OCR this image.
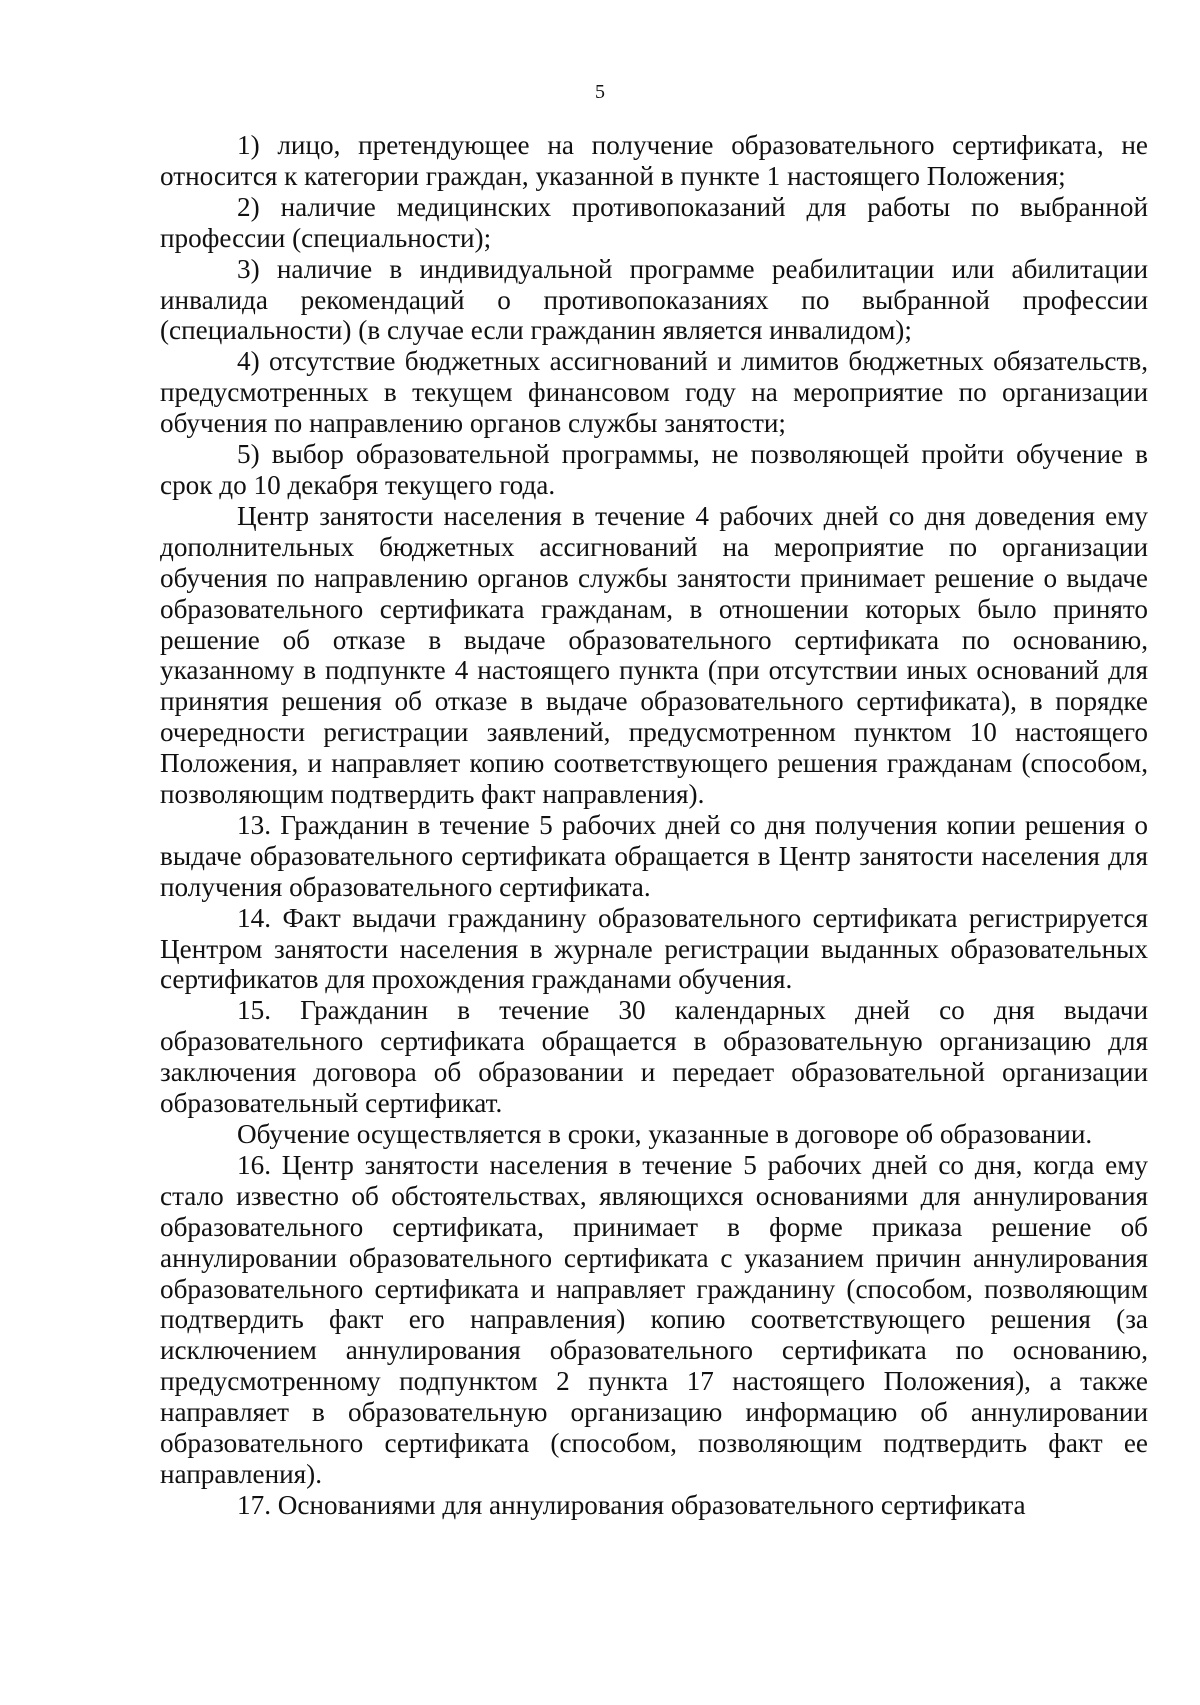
5

1) лицо, претендующее на получение образовательного сертификата, не относится к категории граждан, указанной в пункте 1 настоящего Положения;

2) наличие медицинских противопоказаний для работы по выбранной профессии (специальности);

3) наличие в индивидуальной программе реабилитации или абилитации инвалида рекомендаций о противопоказаниях по выбранной профессии (специальности) (в случае если гражданин является инвалидом);

4) отсутствие бюджетных ассигнований и лимитов бюджетных обязательств, предусмотренных в текущем финансовом году на мероприятие по организации обучения по направлению органов службы занятости;

5) выбор образовательной программы, не позволяющей пройти обучение в срок до 10 декабря текущего года.

Центр занятости населения в течение 4 рабочих дней со дня доведения ему дополнительных бюджетных ассигнований на мероприятие по организации обучения по направлению органов службы занятости принимает решение о выдаче образовательного сертификата гражданам, в отношении которых было принято решение об отказе в выдаче образовательного сертификата по основанию, указанному в подпункте 4 настоящего пункта (при отсутствии иных оснований для принятия решения об отказе в выдаче образовательного сертификата), в порядке очередности регистрации заявлений, предусмотренном пунктом 10 настоящего Положения, и направляет копию соответствующего решения гражданам (способом, позволяющим подтвердить факт направления).

13. Гражданин в течение 5 рабочих дней со дня получения копии решения о выдаче образовательного сертификата обращается в Центр занятости населения для получения образовательного сертификата.

14. Факт выдачи гражданину образовательного сертификата регистрируется Центром занятости населения в журнале регистрации выданных образовательных сертификатов для прохождения гражданами обучения.

15. Гражданин в течение 30 календарных дней со дня выдачи образовательного сертификата обращается в образовательную организацию для заключения договора об образовании и передает образовательной организации образовательный сертификат.

Обучение осуществляется в сроки, указанные в договоре об образовании.

16. Центр занятости населения в течение 5 рабочих дней со дня, когда ему стало известно об обстоятельствах, являющихся основаниями для аннулирования образовательного сертификата, принимает в форме приказа решение об аннулировании образовательного сертификата с указанием причин аннулирования образовательного сертификата и направляет гражданину (способом, позволяющим подтвердить факт его направления) копию соответствующего решения (за исключением аннулирования образовательного сертификата по основанию, предусмотренному подпунктом 2 пункта 17 настоящего Положения), а также направляет в образовательную организацию информацию об аннулировании образовательного сертификата (способом, позволяющим подтвердить факт ее направления).

17. Основаниями для аннулирования образовательного сертификата
